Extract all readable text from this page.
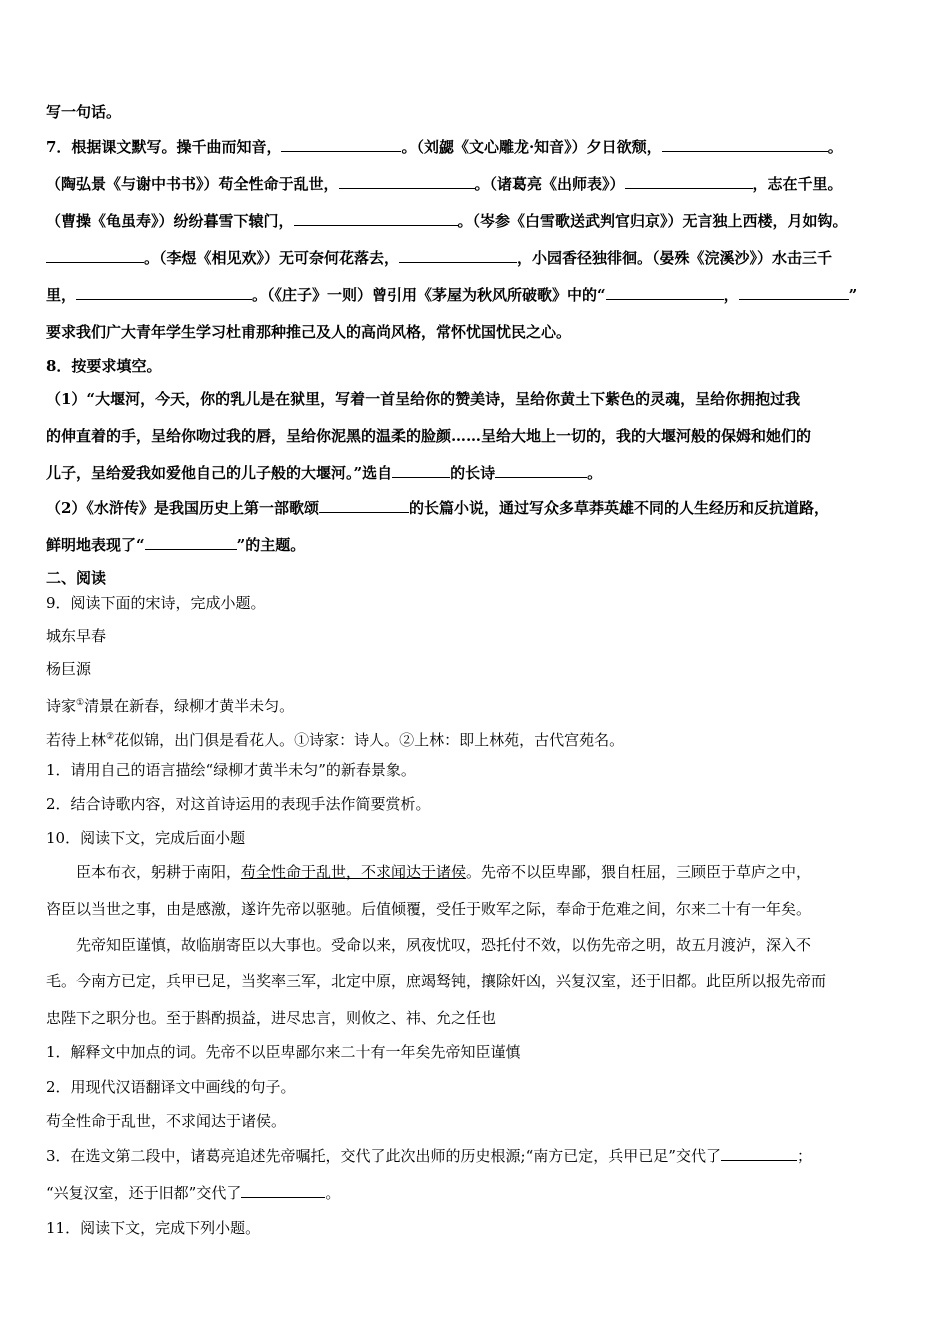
写一句话。
7．根据课文默写。操千曲而知音，	。（刘勰《文心雕龙·知音》）夕日欲颓，	。
（陶弘景《与谢中书书》）苟全性命于乱世，	。（诸葛亮《出师表》）	，志在千里。
（曹操《龟虽寿》）纷纷暮雪下辕门，	。（岑参《白雪歌送武判官归京》）无言独上西楼，月如钩。
。（李煜《相见欢》）无可奈何花落去，	，小园香径独徘徊。（晏殊《浣溪沙》）水击三千
里，	。（《庄子》一则）曾引用《茅屋为秋风所破歌》中的“	，	”
要求我们广大青年学生学习杜甫那种推己及人的高尚风格，常怀忧国忧民之心。
8．按要求填空。
（1）“大堰河，今天，你的乳儿是在狱里，写着一首呈给你的赞美诗，呈给你黄土下紫色的灵魂，呈给你拥抱过我
的伸直着的手，呈给你吻过我的唇，呈给你泥黑的温柔的脸颜……呈给大地上一切的，我的大堰河般的保姆和她们的
儿子，呈给爱我如爱他自己的儿子般的大堰河。”选自	的长诗	。
（2）《水浒传》是我国历史上第一部歌颂	的长篇小说，通过写众多草莽英雄不同的人生经历和反抗道路，
鲜明地表现了“	”的主题。
二、阅读
9．阅读下面的宋诗，完成小题。
城东早春
杨巨源
诗家①清景在新春，绿柳才黄半未匀。
若待上林②花似锦，出门俱是看花人。①诗家：诗人。②上林：即上林苑，古代宫苑名。
1．请用自己的语言描绘“绿柳才黄半未匀”的新春景象。
2．结合诗歌内容，对这首诗运用的表现手法作简要赏析。
10．阅读下文，完成后面小题
臣本布衣，躬耕于南阳，苟全性命于乱世，不求闻达于诸侯。先帝不以臣卑鄙，猥自枉屈，三顾臣于草庐之中，
咨臣以当世之事，由是感激，遂许先帝以驱驰。后值倾覆，受任于败军之际，奉命于危难之间，尔来二十有一年矣。
先帝知臣谨慎，故临崩寄臣以大事也。受命以来，夙夜忧叹，恐托付不效，以伤先帝之明，故五月渡泸，深入不
毛。今南方已定，兵甲已足，当奖率三军，北定中原，庶竭驽钝，攘除奸凶，兴复汉室，还于旧都。此臣所以报先帝而
忠陛下之职分也。至于斟酌损益，进尽忠言，则攸之、祎、允之任也
1．解释文中加点的词。先帝不以臣卑鄙尔来二十有一年矣先帝知臣谨慎
2．用现代汉语翻译文中画线的句子。
苟全性命于乱世，不求闻达于诸侯。
3．在选文第二段中，诸葛亮追述先帝嘱托，交代了此次出师的历史根源;“南方已定，兵甲已足”交代了	；
“兴复汉室，还于旧都”交代了	。
11．阅读下文，完成下列小题。
